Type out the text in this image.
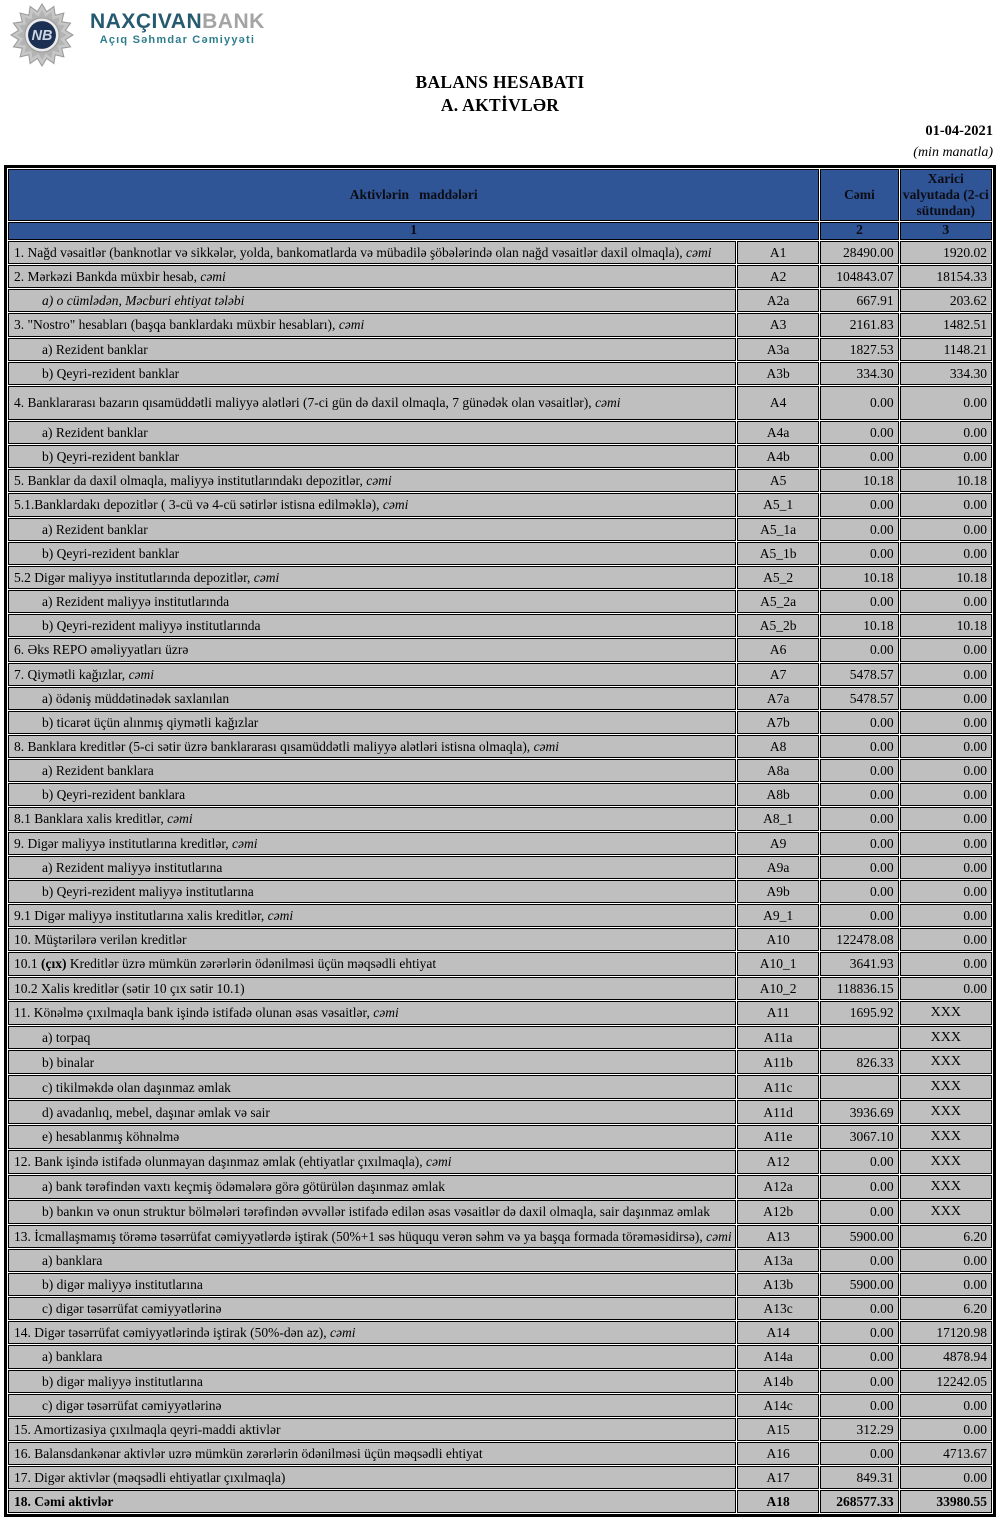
NB
NAXÇIVANBANK
Açıq Səhmdar Cəmiyyəti
BALANS HESABATI
A. AKTİVLƏR
01-04-2021
(min manatla)
Aktivlərin   maddələri		Cəmi	Xarici valyutada (2-ci sütundan)
1		2	3
1. Nağd vəsaitlər (banknotlar və sikkələr, yolda, bankomatlarda və mübadilə şöbələrində olan nağd vəsaitlər daxil olmaqla), cəmi	A1	28490.00	1920.02
2. Mərkəzi Bankda müxbir hesab, cəmi	A2	104843.07	18154.33
a) o cümlədən, Məcburi ehtiyat tələbi	A2a	667.91	203.62
3. "Nostro" hesabları (başqa banklardakı müxbir hesabları), cəmi	A3	2161.83	1482.51
a) Rezident banklar	A3a	1827.53	1148.21
b) Qeyri-rezident banklar	A3b	334.30	334.30
4. Banklararası bazarın qısamüddətli maliyyə alətləri (7-ci gün də daxil olmaqla, 7 günədək olan vəsaitlər), cəmi	A4	0.00	0.00
a) Rezident banklar	A4a	0.00	0.00
b) Qeyri-rezident banklar	A4b	0.00	0.00
5. Banklar da daxil olmaqla, maliyyə institutlarındakı depozitlər, cəmi	A5	10.18	10.18
5.1.Banklardakı depozitlər ( 3-cü və 4-cü sətirlər istisna edilməklə), cəmi	A5_1	0.00	0.00
a) Rezident banklar	A5_1a	0.00	0.00
b) Qeyri-rezident banklar	A5_1b	0.00	0.00
5.2 Digər maliyyə institutlarında depozitlər, cəmi	A5_2	10.18	10.18
a) Rezident maliyyə institutlarında	A5_2a	0.00	0.00
b) Qeyri-rezident maliyyə institutlarında	A5_2b	10.18	10.18
6. Əks REPO əməliyyatları üzrə	A6	0.00	0.00
7. Qiymətli kağızlar, cəmi	A7	5478.57	0.00
a) ödəniş müddətinədək saxlanılan	A7a	5478.57	0.00
b) ticarət üçün alınmış qiymətli kağızlar	A7b	0.00	0.00
8. Banklara kreditlər (5-ci sətir üzrə banklararası qısamüddətli maliyyə alətləri istisna olmaqla), cəmi	A8	0.00	0.00
a) Rezident banklara	A8a	0.00	0.00
b) Qeyri-rezident banklara	A8b	0.00	0.00
8.1 Banklara xalis kreditlər, cəmi	A8_1	0.00	0.00
9. Digər maliyyə institutlarına kreditlər, cəmi	A9	0.00	0.00
a) Rezident maliyyə institutlarına	A9a	0.00	0.00
b) Qeyri-rezident maliyyə institutlarına	A9b	0.00	0.00
9.1 Digər maliyyə institutlarına xalis kreditlər, cəmi	A9_1	0.00	0.00
10. Müştərilərə verilən kreditlər	A10	122478.08	0.00
10.1 (çıx) Kreditlər üzrə mümkün zərərlərin ödənilməsi üçün məqsədli ehtiyat	A10_1	3641.93	0.00
10.2 Xalis kreditlər (sətir 10 çıx sətir 10.1)	A10_2	118836.15	0.00
11. Könəlmə çıxılmaqla bank işində istifadə olunan əsas vəsaitlər, cəmi	A11	1695.92	XXX
a) torpaq	A11a		XXX
b) binalar	A11b	826.33	XXX
c) tikilməkdə olan daşınmaz əmlak	A11c		XXX
d) avadanlıq, mebel, daşınar əmlak və sair	A11d	3936.69	XXX
e) hesablanmış köhnəlmə	A11e	3067.10	XXX
12. Bank işində istifadə olunmayan daşınmaz əmlak (ehtiyatlar çıxılmaqla), cəmi	A12	0.00	XXX
a) bank tərəfindən vaxtı keçmiş ödəmələrə görə götürülən daşınmaz əmlak	A12a	0.00	XXX
b) bankın və onun struktur bölmələri tərəfindən əvvəllər istifadə edilən əsas vəsaitlər də daxil olmaqla, sair daşınmaz əmlak	A12b	0.00	XXX
13. İcmallaşmamış törəmə təsərrüfat cəmiyyətlərdə iştirak (50%+1 səs hüququ verən səhm və ya başqa formada törəməsidirsə), cəmi	A13	5900.00	6.20
a) banklara	A13a	0.00	0.00
b) digər maliyyə institutlarına	A13b	5900.00	0.00
c) digər təsərrüfat cəmiyyətlərinə	A13c	0.00	6.20
14. Digər təsərrüfat cəmiyyətlərində iştirak (50%-dən az), cəmi	A14	0.00	17120.98
a) banklara	A14a	0.00	4878.94
b) digər maliyyə institutlarına	A14b	0.00	12242.05
c) digər təsərrüfat cəmiyyətlərinə	A14c	0.00	0.00
15. Amortizasiya çıxılmaqla qeyri-maddi aktivlər	A15	312.29	0.00
16. Balansdankənar aktivlər uzrə mümkün zərərlərin ödənilməsi üçün məqsədli ehtiyat	A16	0.00	4713.67
17. Digər aktivlər (məqsədli ehtiyatlar çıxılmaqla)	A17	849.31	0.00
18. Cəmi aktivlər	A18	268577.33	33980.55
